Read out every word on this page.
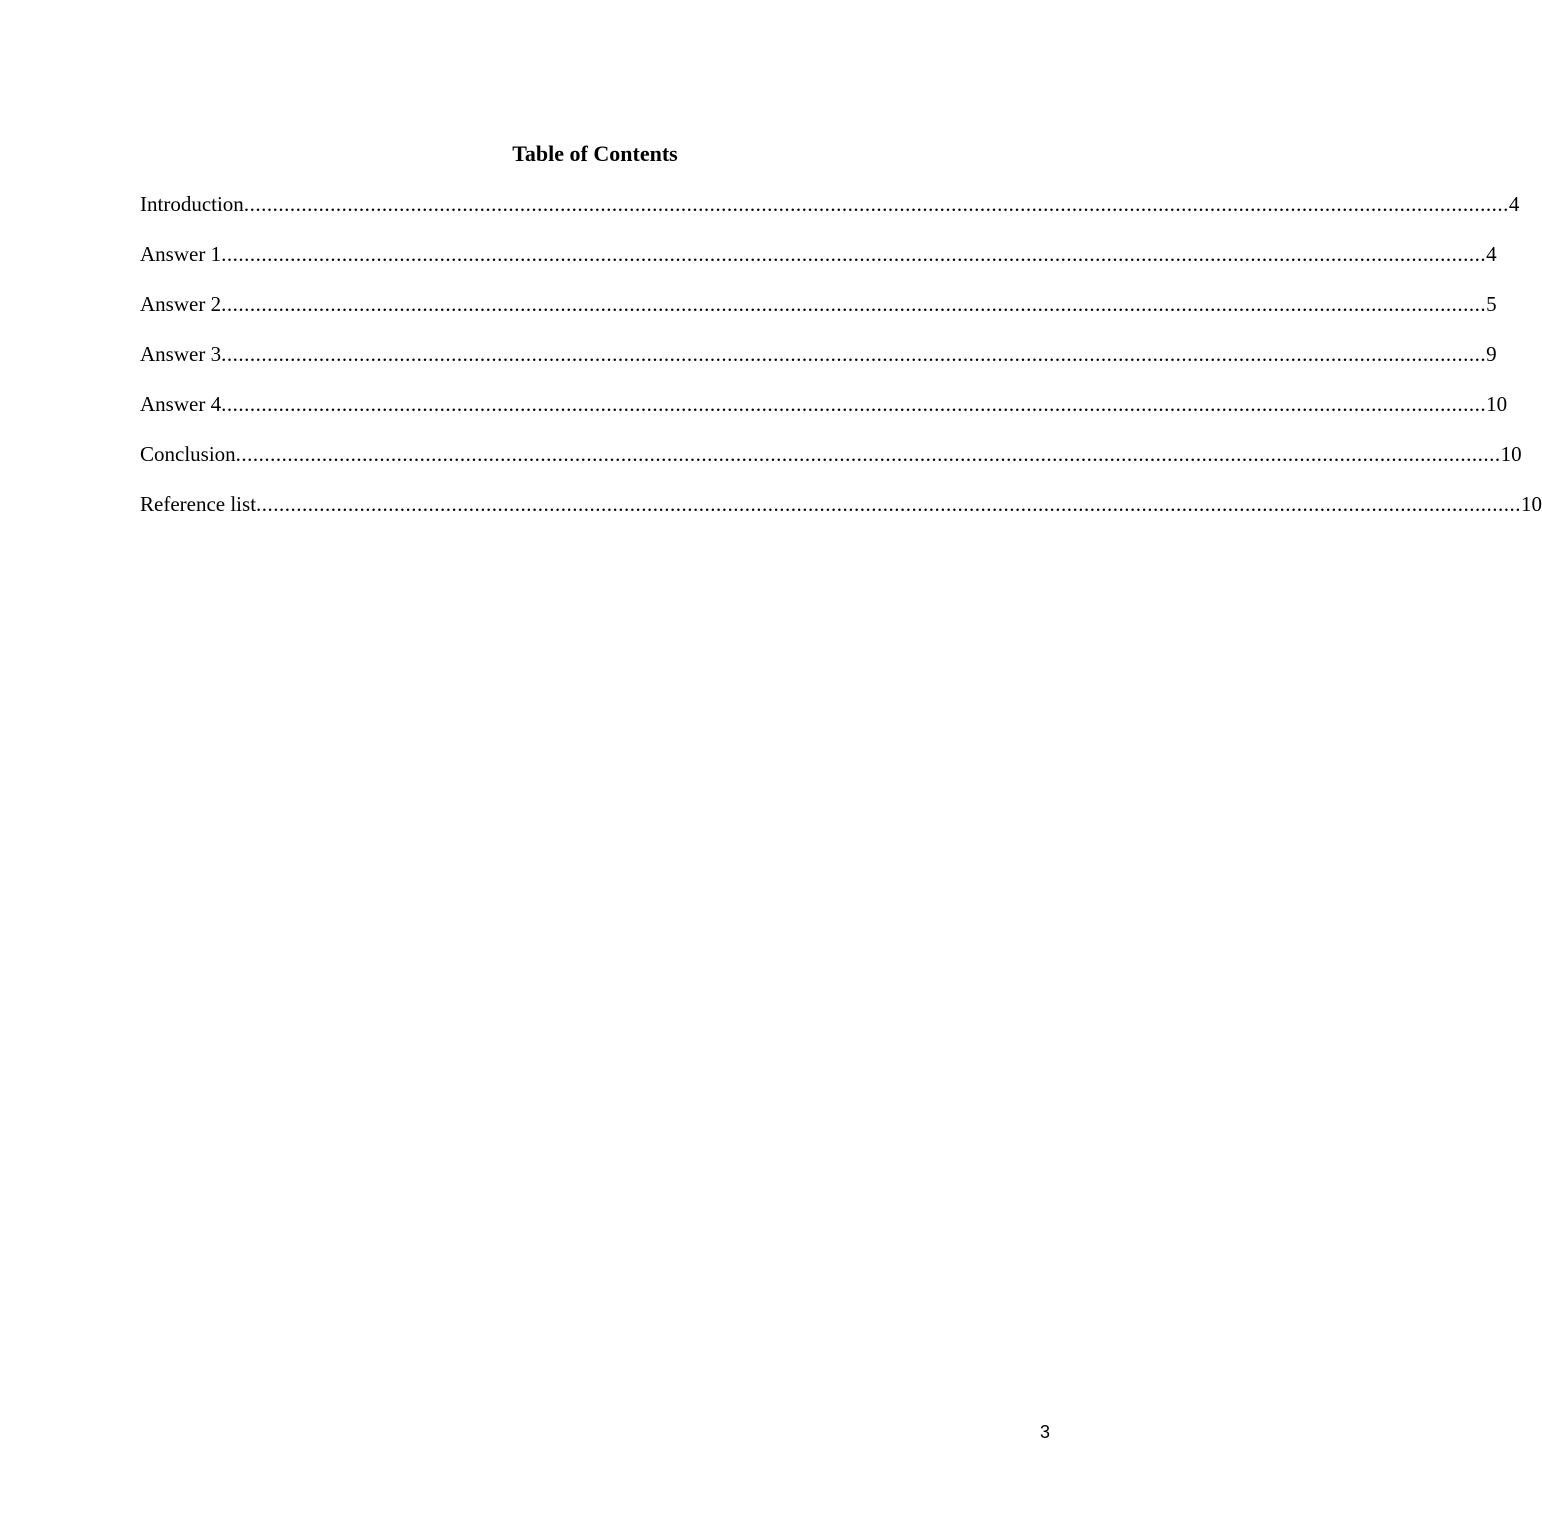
Table of Contents
Introduction ............................................................................................................................................................................................................................ 4
Answer 1 ............................................................................................................................................................................................................................ 4
Answer 2 ............................................................................................................................................................................................................................ 5
Answer 3 ............................................................................................................................................................................................................................ 9
Answer 4 ............................................................................................................................................................................................................................ 10
Conclusion ............................................................................................................................................................................................................................ 10
Reference list ............................................................................................................................................................................................................................ 10
3
